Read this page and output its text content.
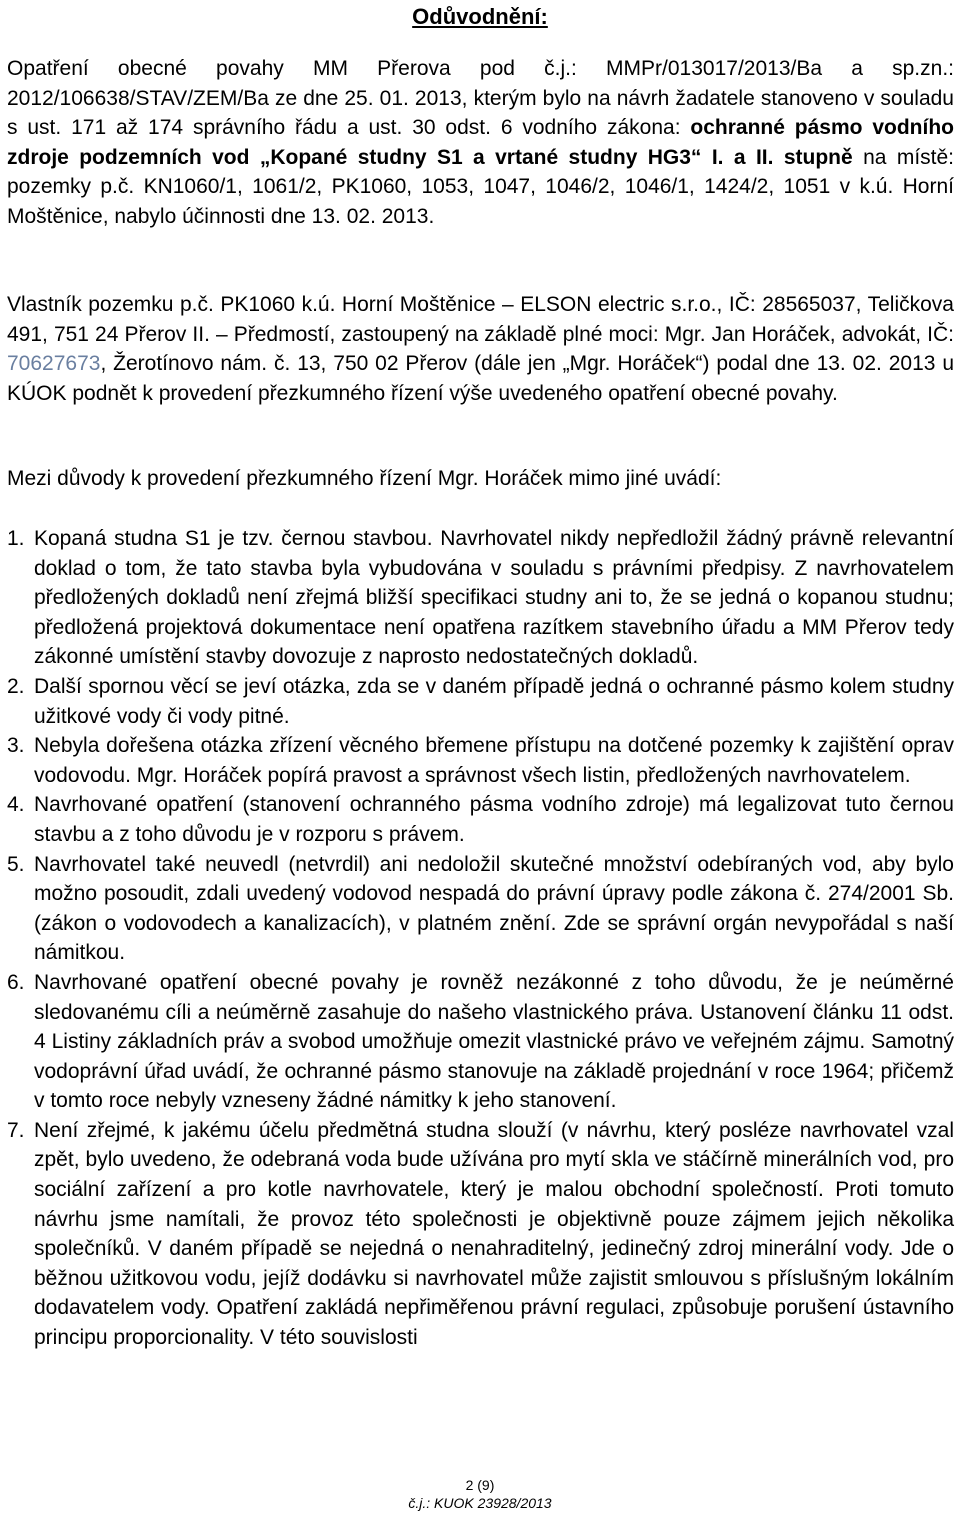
Odůvodnění:
Opatření obecné povahy MM Přerova pod č.j.: MMPr/013017/2013/Ba a sp.zn.: 2012/106638/STAV/ZEM/Ba ze dne 25. 01. 2013, kterým bylo na návrh žadatele stanoveno v souladu s ust. 171 až 174 správního řádu a ust. 30 odst. 6 vodního zákona: ochranné pásmo vodního zdroje podzemních vod „Kopané studny S1 a vrtané studny HG3“ I. a II. stupně na místě: pozemky p.č. KN1060/1, 1061/2, PK1060, 1053, 1047, 1046/2, 1046/1, 1424/2, 1051 v k.ú. Horní Moštěnice, nabylo účinnosti dne 13. 02. 2013.
Vlastník pozemku p.č. PK1060 k.ú. Horní Moštěnice – ELSON electric s.r.o., IČ: 28565037, Teličkova 491, 751 24 Přerov II. – Předmostí, zastoupený na základě plné moci: Mgr. Jan Horáček, advokát, IČ: 70627673, Žerotínovo nám. č. 13, 750 02 Přerov (dále jen „Mgr. Horáček“) podal dne 13. 02. 2013 u KÚOK podnět k provedení přezkumného řízení výše uvedeného opatření obecné povahy.
Mezi důvody k provedení přezkumného řízení Mgr. Horáček mimo jiné uvádí:
1. Kopaná studna S1 je tzv. černou stavbou. Navrhovatel nikdy nepředložil žádný právně relevantní doklad o tom, že tato stavba byla vybudována v souladu s právními předpisy. Z navrhovatelem předložených dokladů není zřejmá bližší specifikaci studny ani to, že se jedná o kopanou studnu; předložená projektová dokumentace není opatřena razítkem stavebního úřadu a MM Přerov tedy zákonné umístění stavby dovozuje z naprosto nedostatečných dokladů.
2. Další spornou věcí se jeví otázka, zda se v daném případě jedná o ochranné pásmo kolem studny užitkové vody či vody pitné.
3. Nebyla dořešena otázka zřízení věcného břemene přístupu na dotčené pozemky k zajištění oprav vodovodu. Mgr. Horáček popírá pravost a správnost všech listin, předložených navrhovatelem.
4. Navrhované opatření (stanovení ochranného pásma vodního zdroje) má legalizovat tuto černou stavbu a z toho důvodu je v rozporu s právem.
5. Navrhovatel také neuvedl (netvrdil) ani nedoložil skutečné množství odebíraných vod, aby bylo možno posoudit, zdali uvedený vodovod nespadá do právní úpravy podle zákona č. 274/2001 Sb. (zákon o vodovodech a kanalizacích), v platném znění. Zde se správní orgán nevypořádal s naší námitkou.
6. Navrhované opatření obecné povahy je rovněž nezákonné z toho důvodu, že je neúměrné sledovanému cíli a neúměrně zasahuje do našeho vlastnického práva. Ustanovení článku 11 odst. 4 Listiny základních práv a svobod umožňuje omezit vlastnické právo ve veřejném zájmu. Samotný vodoprávní úřad uvádí, že ochranné pásmo stanovuje na základě projednání v roce 1964; přičemž v tomto roce nebyly vzneseny žádné námitky k jeho stanovení.
7. Není zřejmé, k jakému účelu předmětná studna slouží (v návrhu, který posléze navrhovatel vzal zpět, bylo uvedeno, že odebraná voda bude užívána pro mytí skla ve stáčírně minerálních vod, pro sociální zařízení a pro kotle navrhovatele, který je malou obchodní společností. Proti tomuto návrhu jsme namítali, že provoz této společnosti je objektivně pouze zájmem jejich několika společníků. V daném případě se nejedná o nenahraditelný, jedinečný zdroj minerální vody. Jde o běžnou užitkovou vodu, jejíž dodávku si navrhovatel může zajistit smlouvou s příslušným lokálním dodavatelem vody. Opatření zakládá nepřiměřenou právní regulaci, způsobuje porušení ústavního principu proporcionality. V této souvislosti
2 (9)
č.j.: KUOK 23928/2013
